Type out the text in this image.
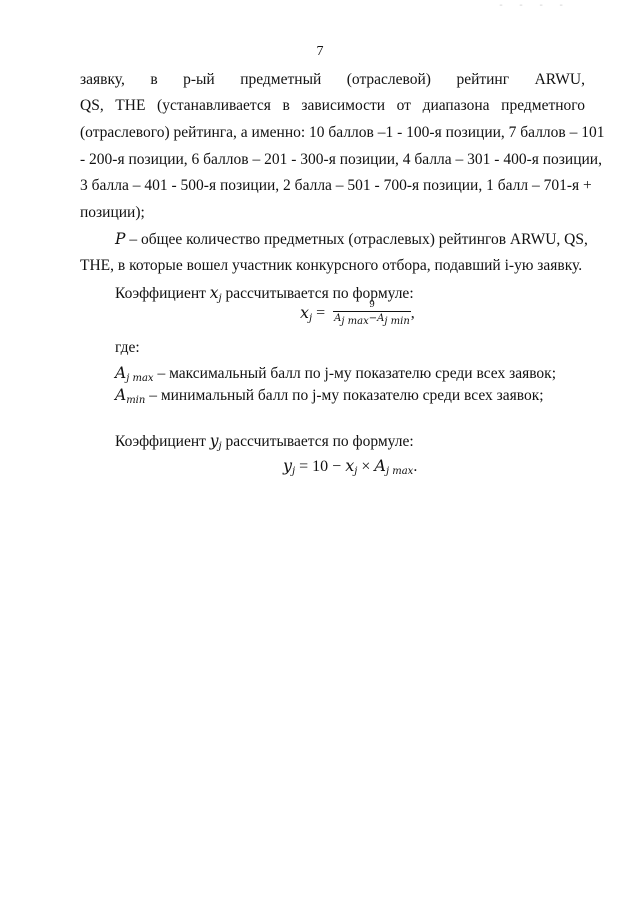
- - - -
7
заявку, в р-ый предметный (отраслевой) рейтинг ARWU,
QS, THE (устанавливается в зависимости от диапазона предметного
(отраслевого) рейтинга, а именно: 10 баллов –1 - 100-я позиции, 7 баллов – 101
- 200-я позиции, 6 баллов – 201 - 300-я позиции, 4 балла – 301 - 400-я позиции,
3 балла – 401 - 500-я позиции, 2 балла – 501 - 700-я позиции, 1 балл – 701-я +
позиции);
P – общее количество предметных (отраслевых) рейтингов ARWU, QS,
THE, в которые вошел участник конкурсного отбора, подавший i-ую заявку.
Коэффициент $x_j$ рассчитывается по формуле:
$x_j = \frac{9}{\text{Aj max−Aj min}}$ ,
где:
$A_{j max}$ – максимальный балл по j-му показателю среди всех заявок;
$A_{min}$ – минимальный балл по j-му показателю среди всех заявок;
Коэффициент $y_j$ рассчитывается по формуле:
$y_j = 10 - x_j \times A_{j max}$.
